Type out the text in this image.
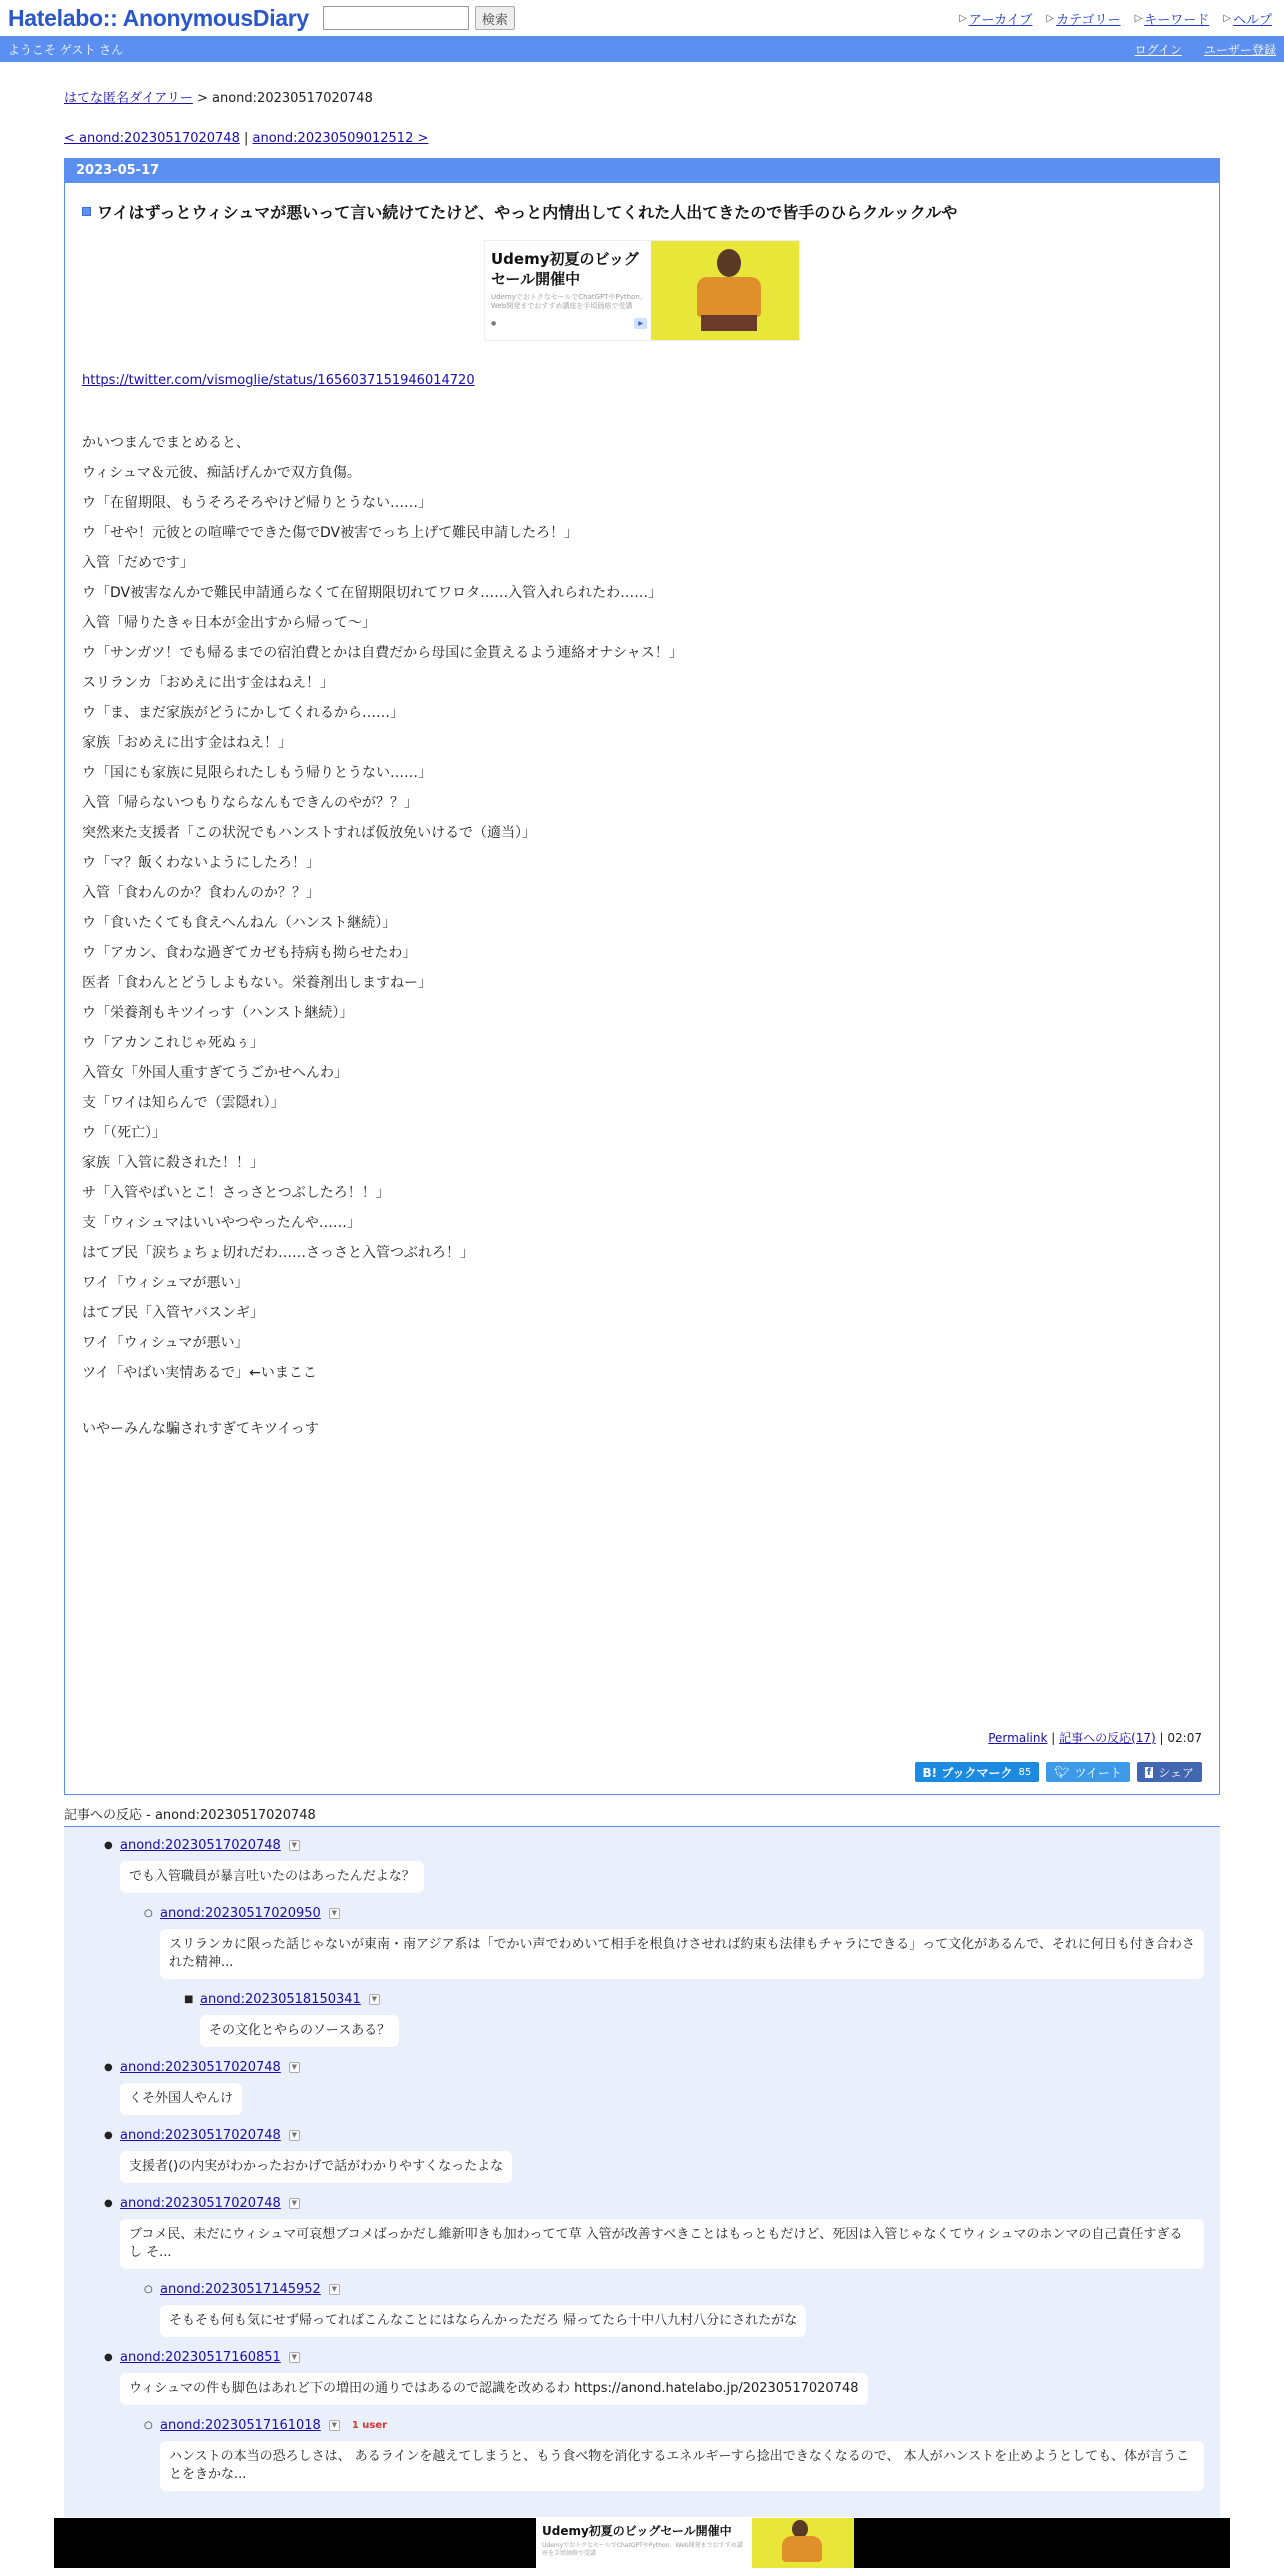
Hatelabo:: AnonymousDiary	検索	▷ アーカイブ ▷ カテゴリー ▷ キーワード ▷ ヘルプ
ようこそ ゲスト さん	ログイン ユーザー登録
はてな匿名ダイアリー > anond:20230517020748
< anond:20230517020748 | anond:20230509012512 >
2023-05-17
ワイはずっとウィシュマが悪いって言い続けてたけど、やっと内情出してくれた人出てきたので皆手のひらクルックルや
Udemy初夏のビッグ
セール開催中
UdemyでおトクなセールでChatGPTやPython、Web開発までおすすめ講座を手頃価格で受講
●	▶
https://twitter.com/vismoglie/status/1656037151946014720

かいつまんでまとめると、

ウィシュマ＆元彼、痴話げんかで双方負傷。

ウ「在留期限、もうそろそろやけど帰りとうない……」

ウ「せや！元彼との喧嘩でできた傷でDV被害でっち上げて難民申請したろ！」

入管「だめです」

ウ「DV被害なんかで難民申請通らなくて在留期限切れてワロタ……入管入れられたわ……」

入管「帰りたきゃ日本が金出すから帰って～」

ウ「サンガツ！でも帰るまでの宿泊費とかは自費だから母国に金貰えるよう連絡オナシャス！」

スリランカ「おめえに出す金はねえ！」

ウ「ま、まだ家族がどうにかしてくれるから……」

家族「おめえに出す金はねえ！」

ウ「国にも家族に見限られたしもう帰りとうない……」

入管「帰らないつもりならなんもできんのやが？？」

突然来た支援者「この状況でもハンストすれば仮放免いけるで（適当）」

ウ「マ？飯くわないようにしたろ！」

入管「食わんのか？食わんのか？？」

ウ「食いたくても食えへんねん（ハンスト継続）」

ウ「アカン、食わな過ぎてカゼも持病も拗らせたわ」

医者「食わんとどうしよもない。栄養剤出しますねー」

ウ「栄養剤もキツイっす（ハンスト継続）」

ウ「アカンこれじゃ死ぬぅ」

入管女「外国人重すぎてうごかせへんわ」

支「ワイは知らんで（雲隠れ）」

ウ「（死亡）」

家族「入管に殺された！！」

サ「入管やばいとこ！さっさとつぶしたろ！！」

支「ウィシュマはいいやつやったんや……」

はてブ民「涙ちょちょ切れだわ……さっさと入管つぶれろ！」

ワイ「ウィシュマが悪い」

はてブ民「入管ヤバスンギ」

ワイ「ウィシュマが悪い」

ツイ「やばい実情あるで」←いまここ

いやーみんな騙されすぎてキツイっす

Permalink | 記事への反応(17) | 02:07
B! ブックマーク 85 🐦︎ ツイート	f シェア
記事への反応 - anond:20230517020748
● anond:20230517020748	▼
でも入管職員が暴言吐いたのはあったんだよな？
○ anond:20230517020950	▼
スリランカに限った話じゃないが東南・南アジア系は「でかい声でわめいて相手を根負けさせれば約束も法律もチャラにできる」って文化があるんで、それに何日も付き合わされた精神...
■ anond:20230518150341	▼
その文化とやらのソースある？
● anond:20230517020748	▼
くそ外国人やんけ
● anond:20230517020748	▼
支援者()の内実がわかったおかげで話がわかりやすくなったよな
● anond:20230517020748	▼
ブコメ民、未だにウィシュマ可哀想ブコメばっかだし維新叩きも加わってて草 入管が改善すべきことはもっともだけど、死因は入管じゃなくてウィシュマのホンマの自己責任すぎるし そ...
○ anond:20230517145952	▼
そもそも何も気にせず帰ってればこんなことにはならんかっただろ 帰ってたら十中八九村八分にされたがな
● anond:20230517160851	▼
ウィシュマの件も脚色はあれど下の増田の通りではあるので認識を改めるわ https://anond.hatelabo.jp/20230517020748
○ anond:20230517161018	▼ 1 user
ハンストの本当の恐ろしさは、 あるラインを越えてしまうと、もう食べ物を消化するエネルギーすら捻出できなくなるので、 本人がハンストを止めようとしても、体が言うことをきかな...
Udemy初夏のビッグセール開催中
UdemyでおトクなセールでChatGPTやPython、Web開発までおすすめ講座を手頃価格で受講
